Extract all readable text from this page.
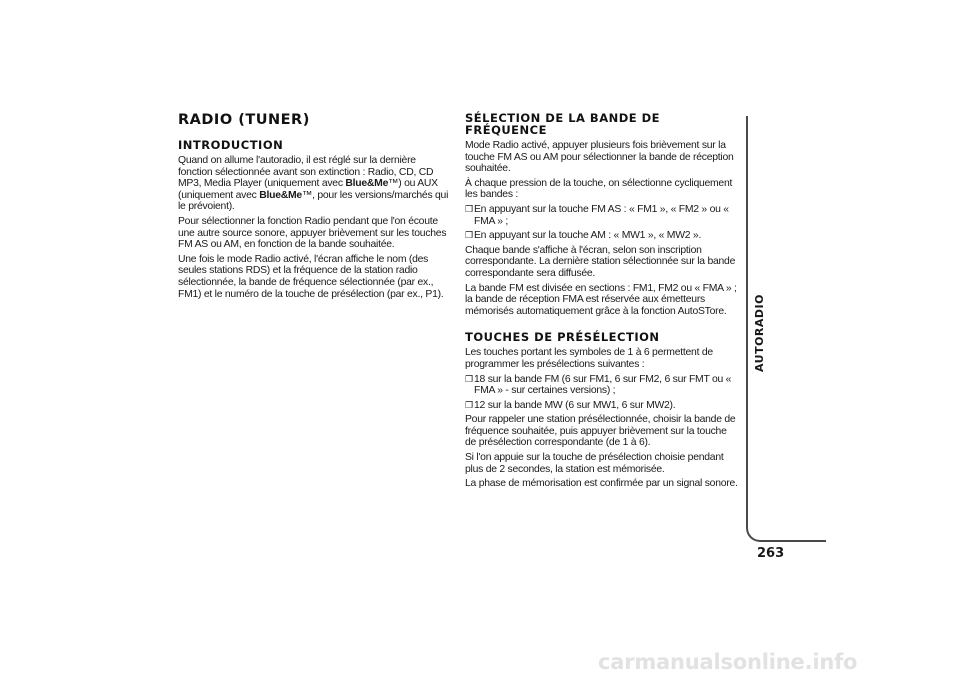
RADIO (TUNER)
INTRODUCTION

Quand on allume l'autoradio, il est réglé sur la dernière fonction sélectionnée avant son extinction : Radio, CD, CD MP3, Media Player (uniquement avec Blue&Me™) ou AUX (uniquement avec Blue&Me™, pour les versions/marchés qui le prévoient).

Pour sélectionner la fonction Radio pendant que l'on écoute une autre source sonore, appuyer brièvement sur les touches FM AS ou AM, en fonction de la bande souhaitée.

Une fois le mode Radio activé, l'écran affiche le nom (des seules stations RDS) et la fréquence de la station radio sélectionnée, la bande de fréquence sélectionnée (par ex., FM1) et le numéro de la touche de présélection (par ex., P1).

SÉLECTION DE LA BANDE DE FRÉQUENCE

Mode Radio activé, appuyer plusieurs fois brièvement sur la touche FM AS ou AM pour sélectionner la bande de réception souhaitée.

À chaque pression de la touche, on sélectionne cycliquement les bandes :

❒ En appuyant sur la touche FM AS : « FM1 », « FM2 » ou « FMA » ;

❒ En appuyant sur la touche AM : « MW1 », « MW2 ».

Chaque bande s'affiche à l'écran, selon son inscription correspondante. La dernière station sélectionnée sur la bande correspondante sera diffusée.

La bande FM est divisée en sections : FM1, FM2 ou « FMA » ; la bande de réception FMA est réservée aux émetteurs mémorisés automatiquement grâce à la fonction AutoSTore.

TOUCHES DE PRÉSÉLECTION

Les touches portant les symboles de 1 à 6 permettent de programmer les présélections suivantes :

❒ 18 sur la bande FM (6 sur FM1, 6 sur FM2, 6 sur FMT ou « FMA » - sur certaines versions) ;

❒ 12 sur la bande MW (6 sur MW1, 6 sur MW2).

Pour rappeler une station présélectionnée, choisir la bande de fréquence souhaitée, puis appuyer brièvement sur la touche de présélection correspondante (de 1 à 6).

Si l'on appuie sur la touche de présélection choisie pendant plus de 2 secondes, la station est mémorisée.

La phase de mémorisation est confirmée par un signal sonore.

AUTORADIO
263
carmanualsonline.info
